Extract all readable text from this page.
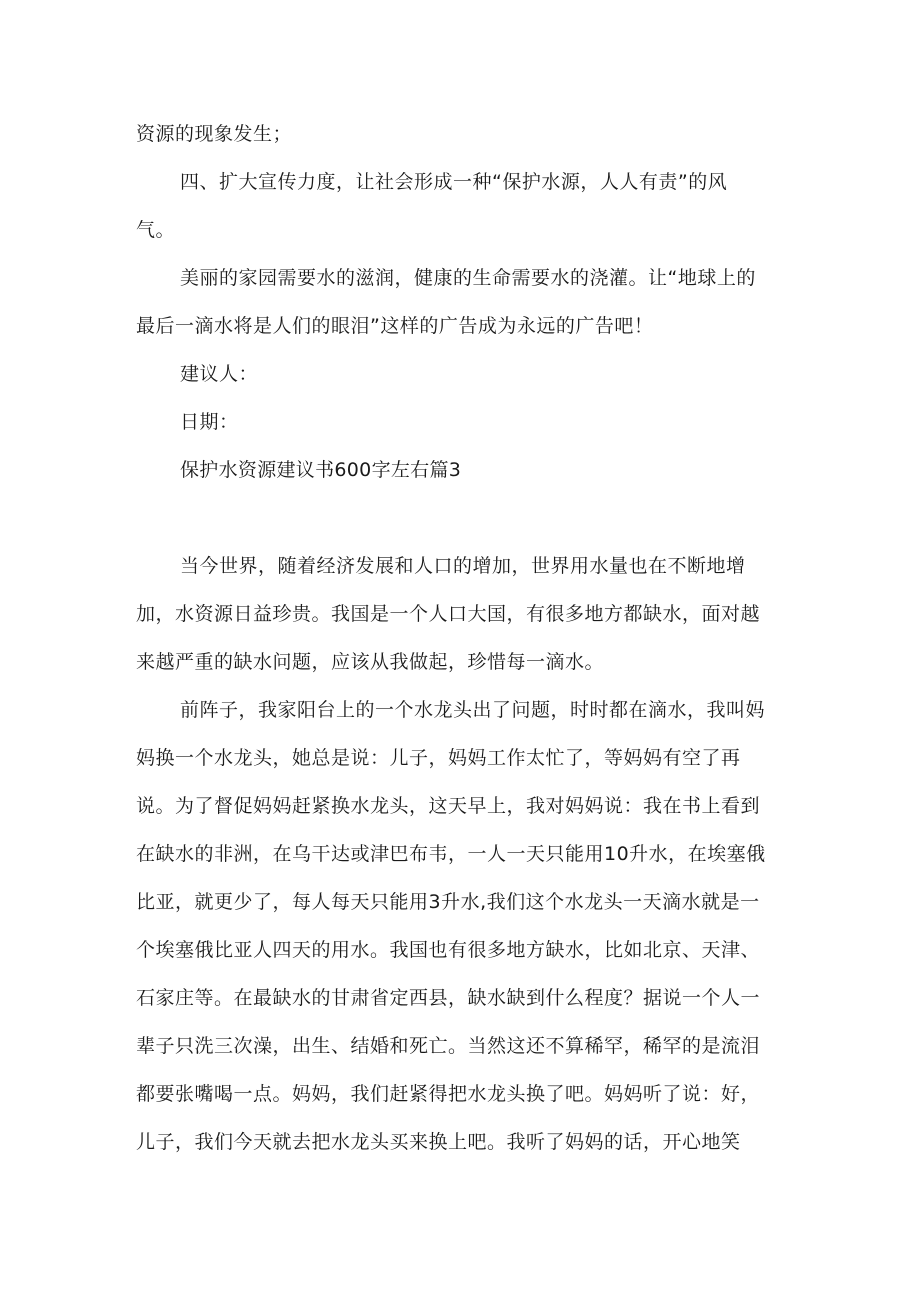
资源的现象发生；
四、扩大宣传力度，让社会形成一种“保护水源，人人有责”的风
气。
美丽的家园需要水的滋润，健康的生命需要水的浇灌。让“地球上的
最后一滴水将是人们的眼泪”这样的广告成为永远的广告吧！
建议人：
日期：
保护水资源建议书600字左右篇3
当今世界，随着经济发展和人口的增加，世界用水量也在不断地增
加，水资源日益珍贵。我国是一个人口大国，有很多地方都缺水，面对越
来越严重的缺水问题，应该从我做起，珍惜每一滴水。
前阵子，我家阳台上的一个水龙头出了问题，时时都在滴水，我叫妈
妈换一个水龙头，她总是说：儿子，妈妈工作太忙了，等妈妈有空了再
说。为了督促妈妈赶紧换水龙头，这天早上，我对妈妈说：我在书上看到
在缺水的非洲，在乌干达或津巴布韦，一人一天只能用10升水，在埃塞俄
比亚，就更少了，每人每天只能用3升水,我们这个水龙头一天滴水就是一
个埃塞俄比亚人四天的用水。我国也有很多地方缺水，比如北京、天津、
石家庄等。在最缺水的甘肃省定西县，缺水缺到什么程度？据说一个人一
辈子只洗三次澡，出生、结婚和死亡。当然这还不算稀罕，稀罕的是流泪
都要张嘴喝一点。妈妈，我们赶紧得把水龙头换了吧。妈妈听了说：好，
儿子，我们今天就去把水龙头买来换上吧。我听了妈妈的话，开心地笑
